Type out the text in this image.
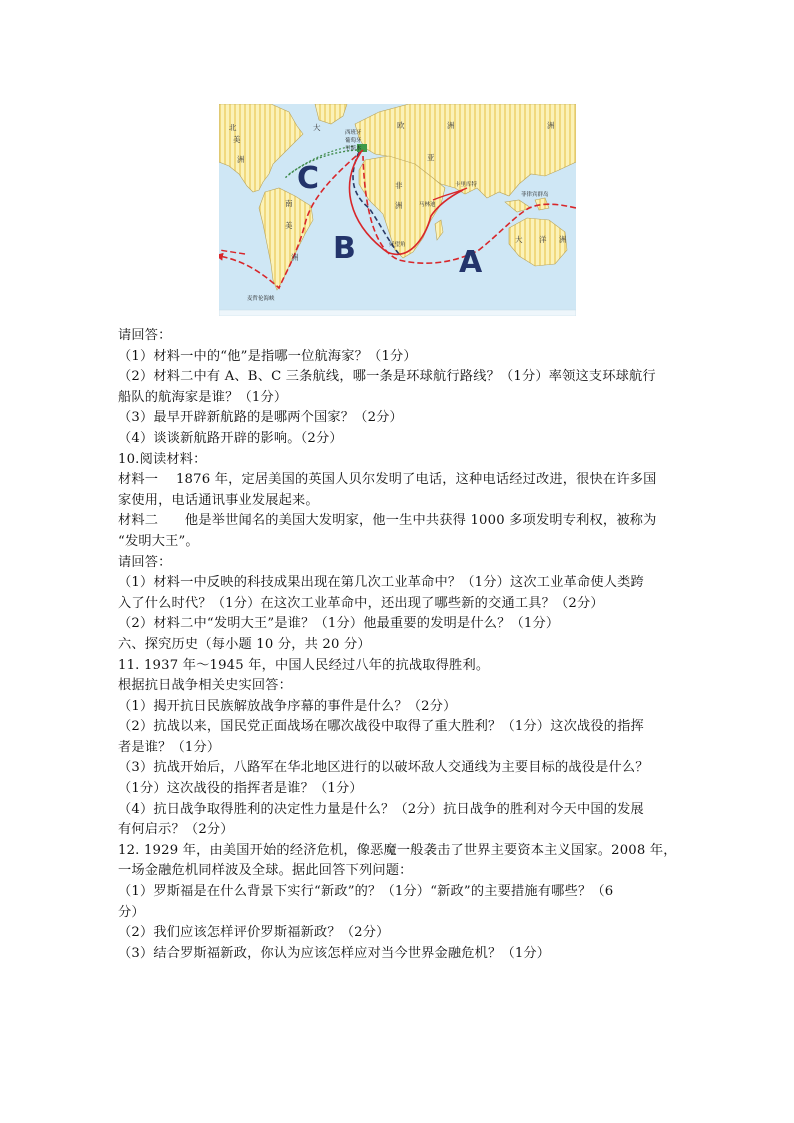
C
B	A
北
美
洲
南
美
洲
欧	洲
亚
洲
非
洲
大 洋 洲
大
西班牙
葡萄牙
里斯本
卡里库特
马林迪
好望角
菲律宾群岛
麦哲伦海峡
请回答：
（1）材料一中的“他”是指哪一位航海家？（1分）
（2）材料二中有 A、B、C 三条航线，哪一条是环球航行路线？（1分）率领这支环球航行
船队的航海家是谁？（1分）
（3）最早开辟新航路的是哪两个国家？（2分）
（4）谈谈新航路开辟的影响。（2分）
10.阅读材料：
材料一　 1876 年，定居美国的英国人贝尔发明了电话，这种电话经过改进，很快在许多国
家使用，电话通讯事业发展起来。
材料二　　他是举世闻名的美国大发明家，他一生中共获得 1000 多项发明专利权，被称为
“发明大王”。
请回答：
（1）材料一中反映的科技成果出现在第几次工业革命中？（1分）这次工业革命使人类跨
入了什么时代？（1分）在这次工业革命中，还出现了哪些新的交通工具？（2分）
（2）材料二中“发明大王”是谁？（1分）他最重要的发明是什么？（1分）
六、探究历史（每小题 10 分，共 20 分）
11. 1937 年～1945 年，中国人民经过八年的抗战取得胜利。
根据抗日战争相关史实回答：
（1）揭开抗日民族解放战争序幕的事件是什么？（2分）
（2）抗战以来，国民党正面战场在哪次战役中取得了重大胜利？（1分）这次战役的指挥
者是谁？（1分）
（3）抗战开始后，八路军在华北地区进行的以破坏敌人交通线为主要目标的战役是什么？
（1分）这次战役的指挥者是谁？（1分）
（4）抗日战争取得胜利的决定性力量是什么？（2分）抗日战争的胜利对今天中国的发展
有何启示？（2分）
12. 1929 年，由美国开始的经济危机，像恶魔一般袭击了世界主要资本主义国家。2008 年，
一场金融危机同样波及全球。据此回答下列问题：
（1）罗斯福是在什么背景下实行“新政”的？（1分）“新政”的主要措施有哪些？（6
分）
（2）我们应该怎样评价罗斯福新政？（2分）
（3）结合罗斯福新政，你认为应该怎样应对当今世界金融危机？（1分）
